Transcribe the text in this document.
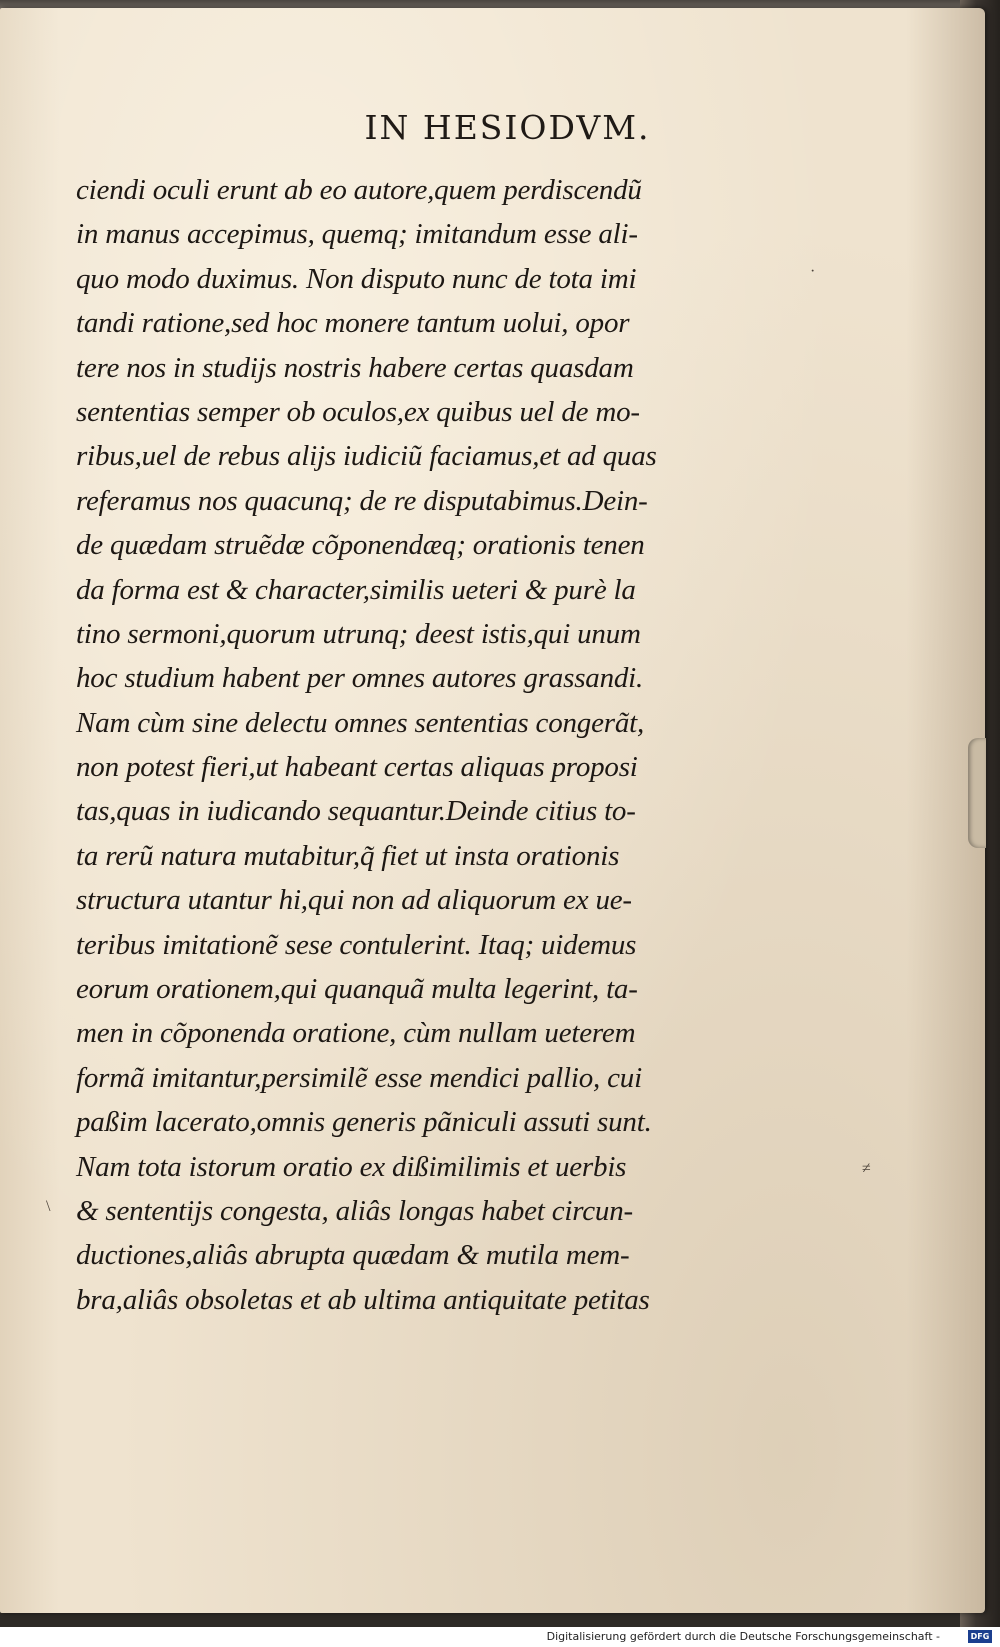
IN HESIODVM.
ciendi oculi erunt ab eo autore,quem perdiscendũ
in manus accepimus, quemq; imitandum esse ali-
quo modo duximus. Non disputo nunc de tota imi
tandi ratione,sed hoc monere tantum uolui, opor
tere nos in studijs nostris habere certas quasdam
sententias semper ob oculos,ex quibus uel de mo-
ribus,uel de rebus alijs iudiciũ faciamus,et ad quas
referamus nos quacunq; de re disputabimus.Dein-
de quædam struẽdæ cõponendæq; orationis tenen
da forma est & character,similis ueteri & purè la
tino sermoni,quorum utrunq; deest istis,qui unum
hoc studium habent per omnes autores grassandi.
Nam cùm sine delectu omnes sententias congerãt,
non potest fieri,ut habeant certas aliquas proposi
tas,quas in iudicando sequantur.Deinde citius to-
ta rerũ natura mutabitur,q̃ fiet ut insta orationis
structura utantur hi,qui non ad aliquorum ex ue-
teribus imitationẽ sese contulerint. Itaq; uidemus
eorum orationem,qui quanquã multa legerint, ta-
men in cõponenda oratione, cùm nullam ueterem
formã imitantur,persimilẽ esse mendici pallio, cui
paßim lacerato,omnis generis pãniculi assuti sunt.
Nam tota istorum oratio ex dißimilimis et uerbis
& sententijs congesta, aliâs longas habet circun-
ductiones,aliâs abrupta quædam & mutila mem-
bra,aliâs obsoletas et ab ultima antiquitate petitas
·
≠
\
Digitalisierung gefördert durch die Deutsche Forschungsgemeinschaft -	DFG
